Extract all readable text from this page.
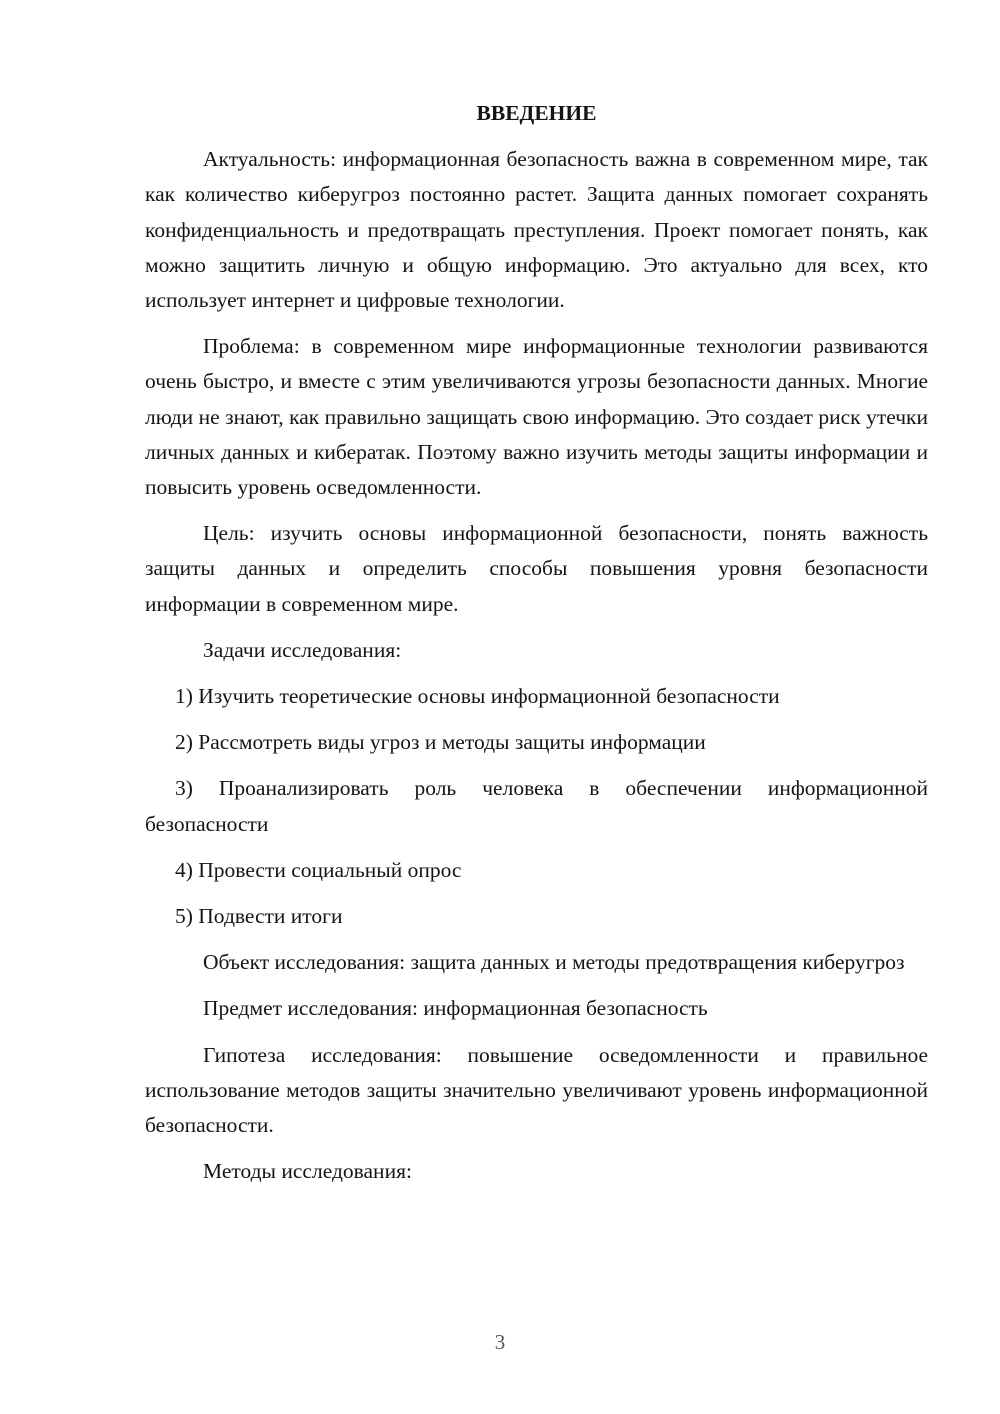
ВВЕДЕНИЕ
Актуальность: информационная безопасность важна в современном мире, так как количество киберугроз постоянно растет. Защита данных помогает сохранять конфиденциальность и предотвращать преступления. Проект помогает понять, как можно защитить личную и общую информацию. Это актуально для всех, кто использует интернет и цифровые технологии.
Проблема: в современном мире информационные технологии развиваются очень быстро, и вместе с этим увеличиваются угрозы безопасности данных. Многие люди не знают, как правильно защищать свою информацию. Это создает риск утечки личных данных и кибератак. Поэтому важно изучить методы защиты информации и повысить уровень осведомленности.
Цель: изучить основы информационной безопасности, понять важность защиты данных и определить способы повышения уровня безопасности информации в современном мире.
Задачи исследования:
1) Изучить теоретические основы информационной безопасности
2) Рассмотреть виды угроз и методы защиты информации
3) Проанализировать роль человека в обеспечении информационной безопасности
4) Провести социальный опрос
5) Подвести итоги
Объект исследования: защита данных и методы предотвращения киберугроз
Предмет исследования: информационная безопасность
Гипотеза исследования: повышение осведомленности и правильное использование методов защиты значительно увеличивают уровень информационной безопасности.
Методы исследования:
3
